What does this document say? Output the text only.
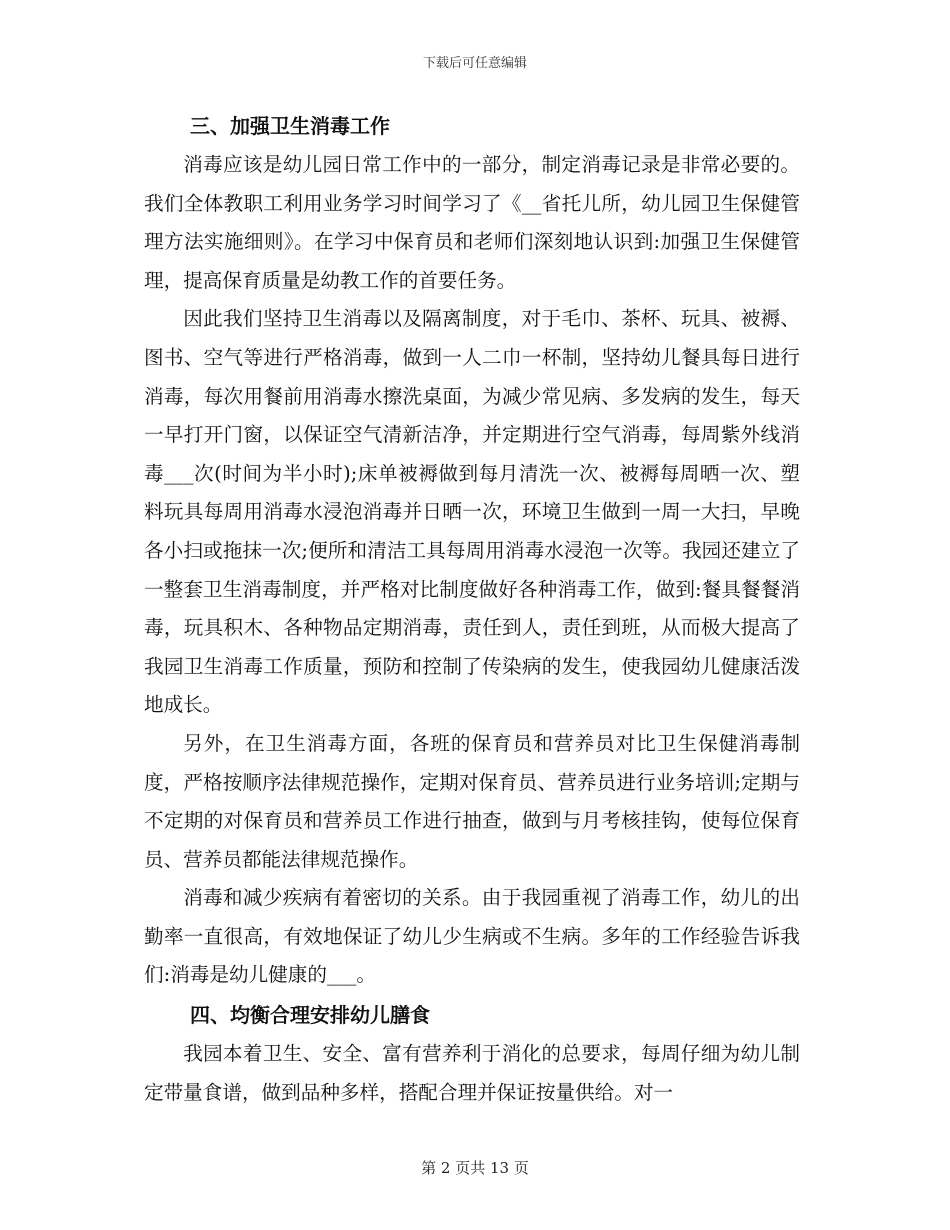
下载后可任意编辑
三、加强卫生消毒工作

消毒应该是幼儿园日常工作中的一部分，制定消毒记录是非常必要的。我们全体教职工利用业务学习时间学习了《__省托儿所，幼儿园卫生保健管理方法实施细则》。在学习中保育员和老师们深刻地认识到:加强卫生保健管理，提高保育质量是幼教工作的首要任务。

因此我们坚持卫生消毒以及隔离制度，对于毛巾、茶杯、玩具、被褥、图书、空气等进行严格消毒，做到一人二巾一杯制，坚持幼儿餐具每日进行消毒，每次用餐前用消毒水擦洗桌面，为减少常见病、多发病的发生，每天一早打开门窗，以保证空气清新洁净，并定期进行空气消毒，每周紫外线消毒___次(时间为半小时);床单被褥做到每月清洗一次、被褥每周晒一次、塑料玩具每周用消毒水浸泡消毒并日晒一次，环境卫生做到一周一大扫，早晚各小扫或拖抹一次;便所和清洁工具每周用消毒水浸泡一次等。我园还建立了一整套卫生消毒制度，并严格对比制度做好各种消毒工作，做到:餐具餐餐消毒，玩具积木、各种物品定期消毒，责任到人，责任到班，从而极大提高了我园卫生消毒工作质量，预防和控制了传染病的发生，使我园幼儿健康活泼地成长。

另外，在卫生消毒方面，各班的保育员和营养员对比卫生保健消毒制度，严格按顺序法律规范操作，定期对保育员、营养员进行业务培训;定期与不定期的对保育员和营养员工作进行抽查，做到与月考核挂钩，使每位保育员、营养员都能法律规范操作。

消毒和减少疾病有着密切的关系。由于我园重视了消毒工作，幼儿的出勤率一直很高，有效地保证了幼儿少生病或不生病。多年的工作经验告诉我们:消毒是幼儿健康的___。

四、均衡合理安排幼儿膳食

我园本着卫生、安全、富有营养利于消化的总要求，每周仔细为幼儿制定带量食谱，做到品种多样，搭配合理并保证按量供给。对一

第 2 页共 13 页
